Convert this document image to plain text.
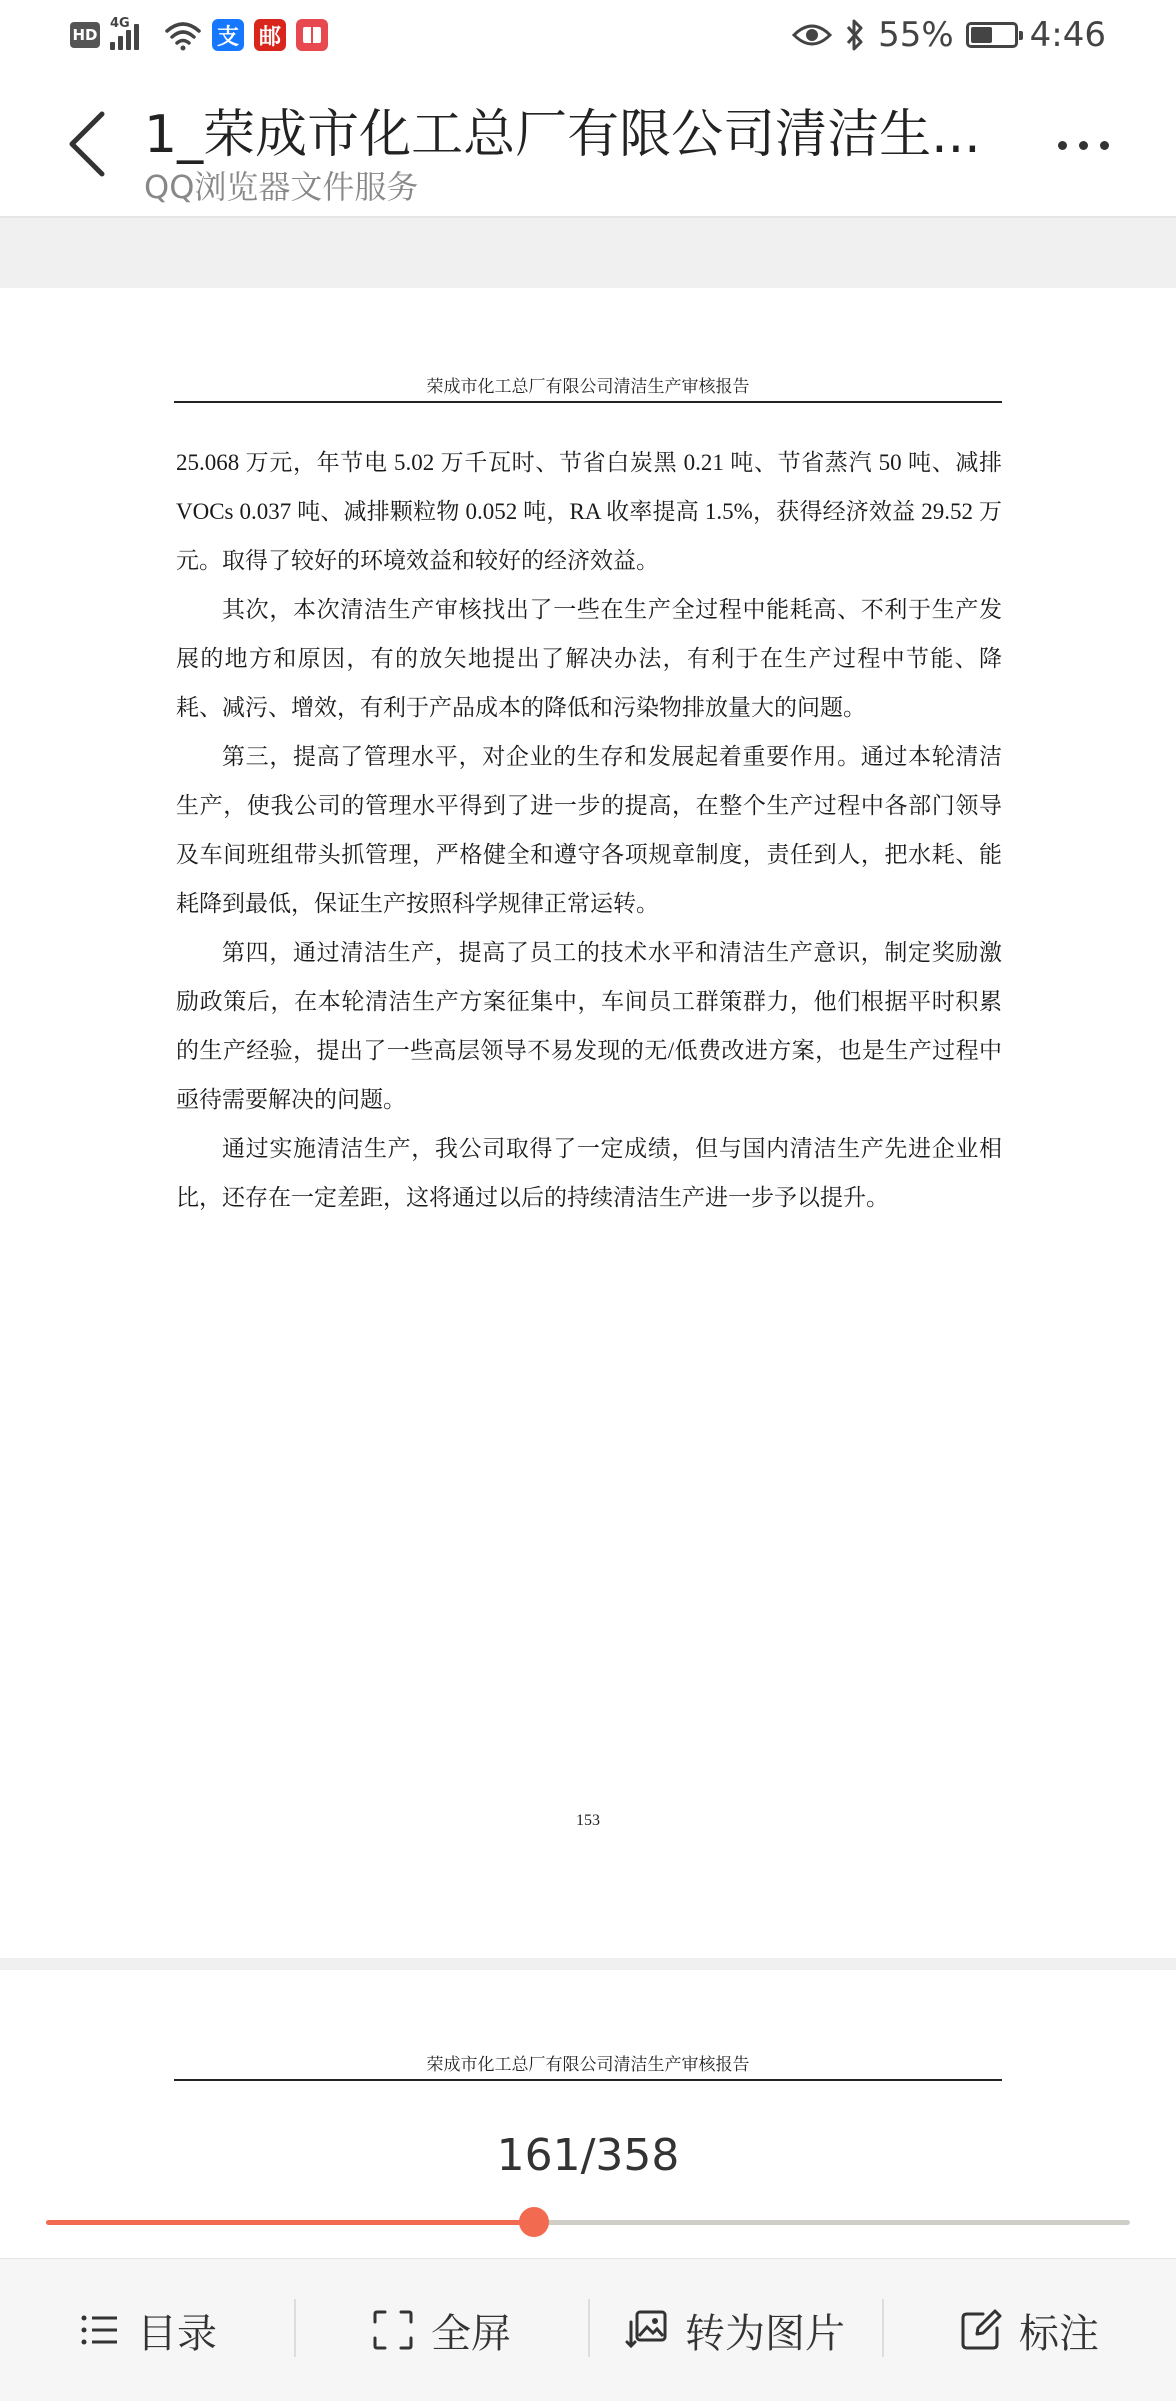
HD
4G
支 邮	55% 4:46
1_荣成市化工总厂有限公司清洁生...
QQ浏览器文件服务
荣成市化工总厂有限公司清洁生产审核报告

25.068 万元，年节电 5.02 万千瓦时、节省白炭黑 0.21 吨、节省蒸汽 50 吨、减排 VOCs 0.037 吨、减排颗粒物 0.052 吨，RA 收率提高 1.5%，获得经济效益 29.52 万元。取得了较好的环境效益和较好的经济效益。

其次，本次清洁生产审核找出了一些在生产全过程中能耗高、不利于生产发展的地方和原因，有的放矢地提出了解决办法，有利于在生产过程中节能、降耗、减污、增效，有利于产品成本的降低和污染物排放量大的问题。

第三，提高了管理水平，对企业的生存和发展起着重要作用。通过本轮清洁生产，使我公司的管理水平得到了进一步的提高，在整个生产过程中各部门领导及车间班组带头抓管理，严格健全和遵守各项规章制度，责任到人，把水耗、能耗降到最低，保证生产按照科学规律正常运转。

第四，通过清洁生产，提高了员工的技术水平和清洁生产意识，制定奖励激励政策后，在本轮清洁生产方案征集中，车间员工群策群力，他们根据平时积累的生产经验，提出了一些高层领导不易发现的无/低费改进方案，也是生产过程中亟待需要解决的问题。

通过实施清洁生产，我公司取得了一定成绩，但与国内清洁生产先进企业相比，还存在一定差距，这将通过以后的持续清洁生产进一步予以提升。

153
荣成市化工总厂有限公司清洁生产审核报告
161/358
目录	全屏	转为图片	标注
